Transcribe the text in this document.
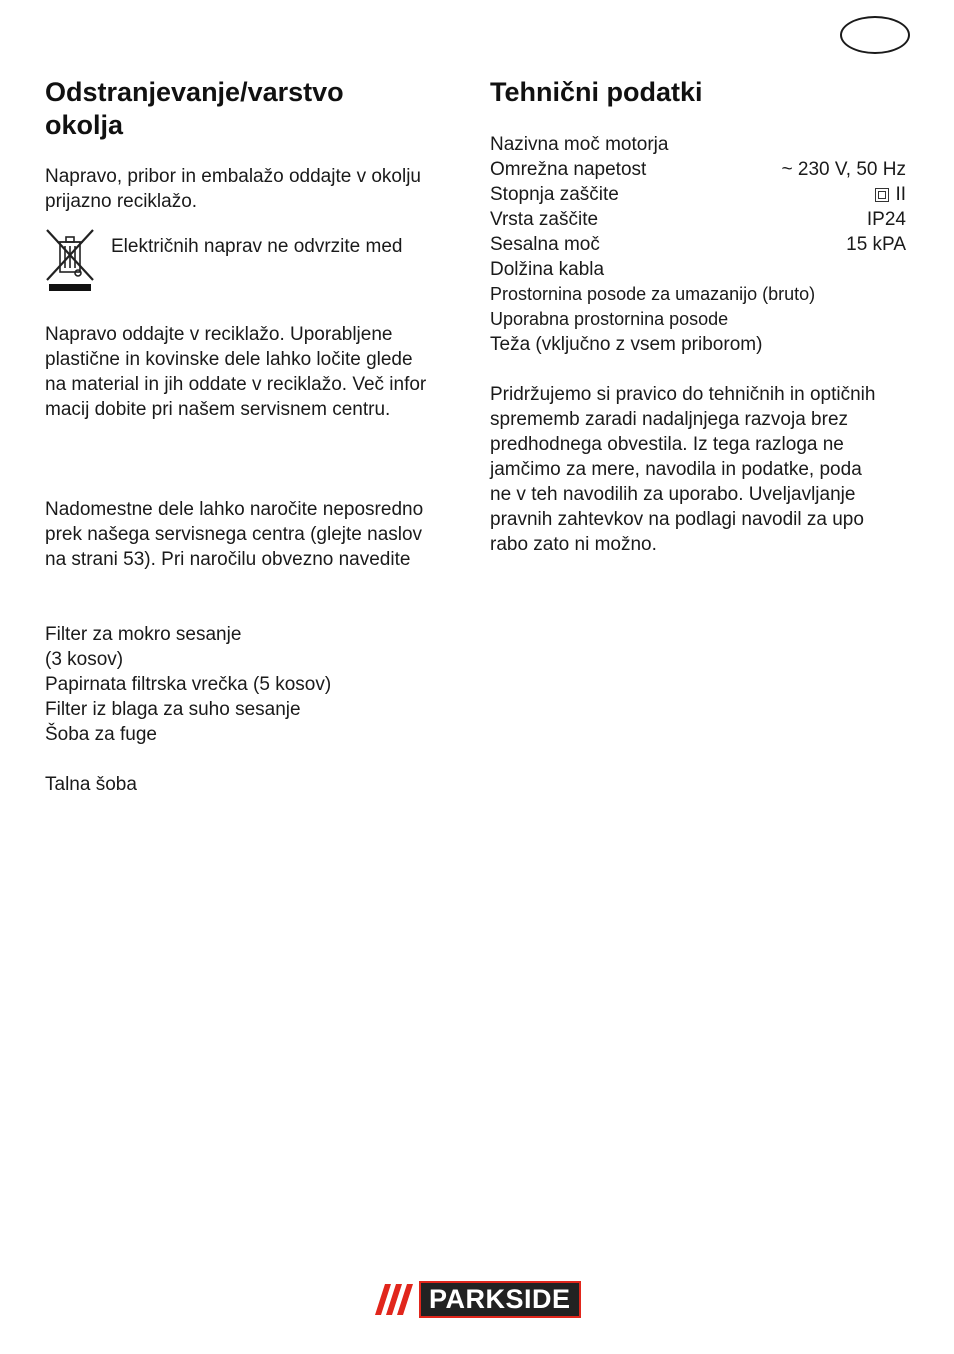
Odstranjevanje/varstvo
okolja
Napravo, pribor in embalažo oddajte v okolju
prijazno reciklažo.
Električnih naprav ne odvrzite med
Napravo oddajte v reciklažo. Uporabljene
plastične in kovinske dele lahko ločite glede
na material in jih oddate v reciklažo. Več infor
macij dobite pri našem servisnem centru.
Nadomestne dele lahko naročite neposredno
prek našega servisnega centra (glejte naslov
na strani 53). Pri naročilu obvezno navedite
Filter za mokro sesanje
(3 kosov)
Papirnata filtrska vrečka (5 kosov)
Filter iz blaga za suho sesanje
Šoba za fuge
Talna šoba
Tehnični podatki
Nazivna moč motorja
Omrežna napetost	~ 230 V, 50 Hz
Stopnja zaščite	II
Vrsta zaščite	IP24
Sesalna moč	15 kPA
Dolžina kabla
Prostornina posode za umazanijo (bruto)
Uporabna prostornina posode
Teža (vključno z vsem priborom)
Pridržujemo si pravico do tehničnih in optičnih
sprememb zaradi nadaljnjega razvoja brez
predhodnega obvestila. Iz tega razloga ne
jamčimo za mere, navodila in podatke, poda
ne v teh navodilih za uporabo. Uveljavljanje
pravnih zahtevkov na podlagi navodil za upo
rabo zato ni možno.
PARKSIDE
